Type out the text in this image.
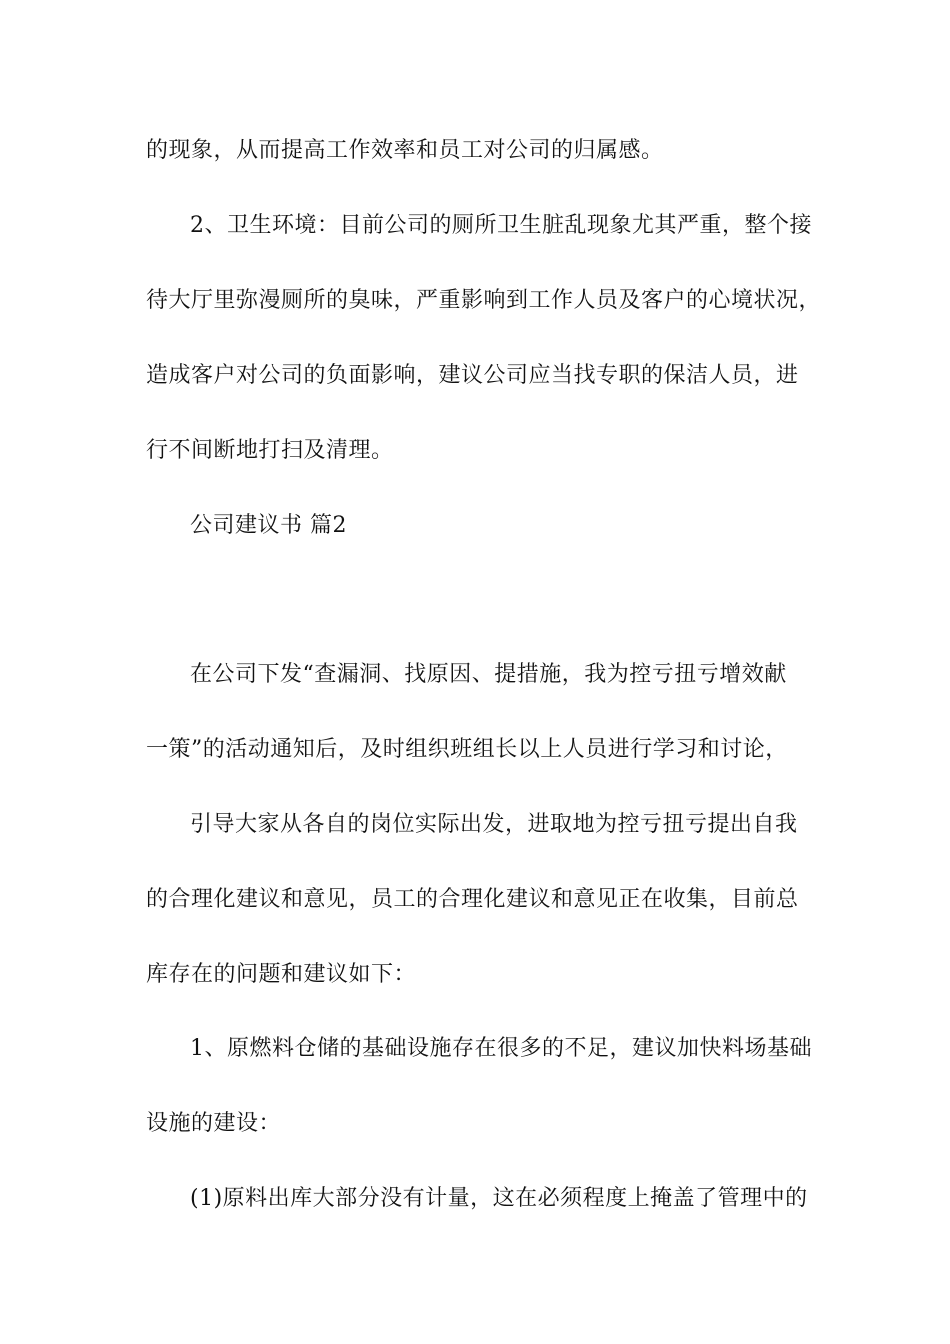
的现象，从而提高工作效率和员工对公司的归属感。
2、卫生环境：目前公司的厕所卫生脏乱现象尤其严重，整个接
待大厅里弥漫厕所的臭味，严重影响到工作人员及客户的心境状况，
造成客户对公司的负面影响，建议公司应当找专职的保洁人员，进
行不间断地打扫及清理。
公司建议书 篇2
在公司下发“查漏洞、找原因、提措施，我为控亏扭亏增效献
一策”的活动通知后，及时组织班组长以上人员进行学习和讨论，
引导大家从各自的岗位实际出发，进取地为控亏扭亏提出自我
的合理化建议和意见，员工的合理化建议和意见正在收集，目前总
库存在的问题和建议如下：
1、原燃料仓储的基础设施存在很多的不足，建议加快料场基础
设施的建设：
(1)原料出库大部分没有计量，这在必须程度上掩盖了管理中的
